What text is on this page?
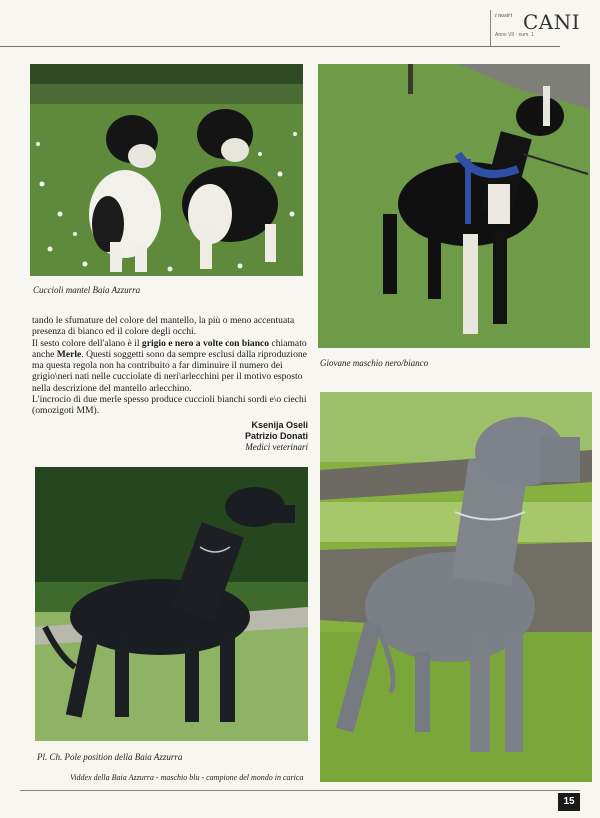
i nostri CANI
Anno VII · num. 1
Cuccioli mantel Baia Azzurra
Giovane maschio nero/bianco

tando le sfumature del colore del mantello, la più o meno accentuata presenza di bianco ed il colore degli occhi.

Il sesto colore dell'alano è il grigio e nero a volte con bianco chiamato anche Merle. Questi soggetti sono da sempre esclusi dalla riproduzione ma questa regola non ha contribuito a far diminuire il numero dei grigio\neri nati nelle cucciolate di neri\arlecchini per il motivo esposto nella descrizione del mantello arlecchino.

L'incrocio di due merle spesso produce cuccioli bianchi sordi e\o ciechi (omozigoti MM).

Ksenija Oseli
Patrizio Donati
Medici veterinari
Pl. Ch. Pole position della Baia Azzurra
Viddex della Baia Azzurra - maschio blu - campione del mondo in carica
15
